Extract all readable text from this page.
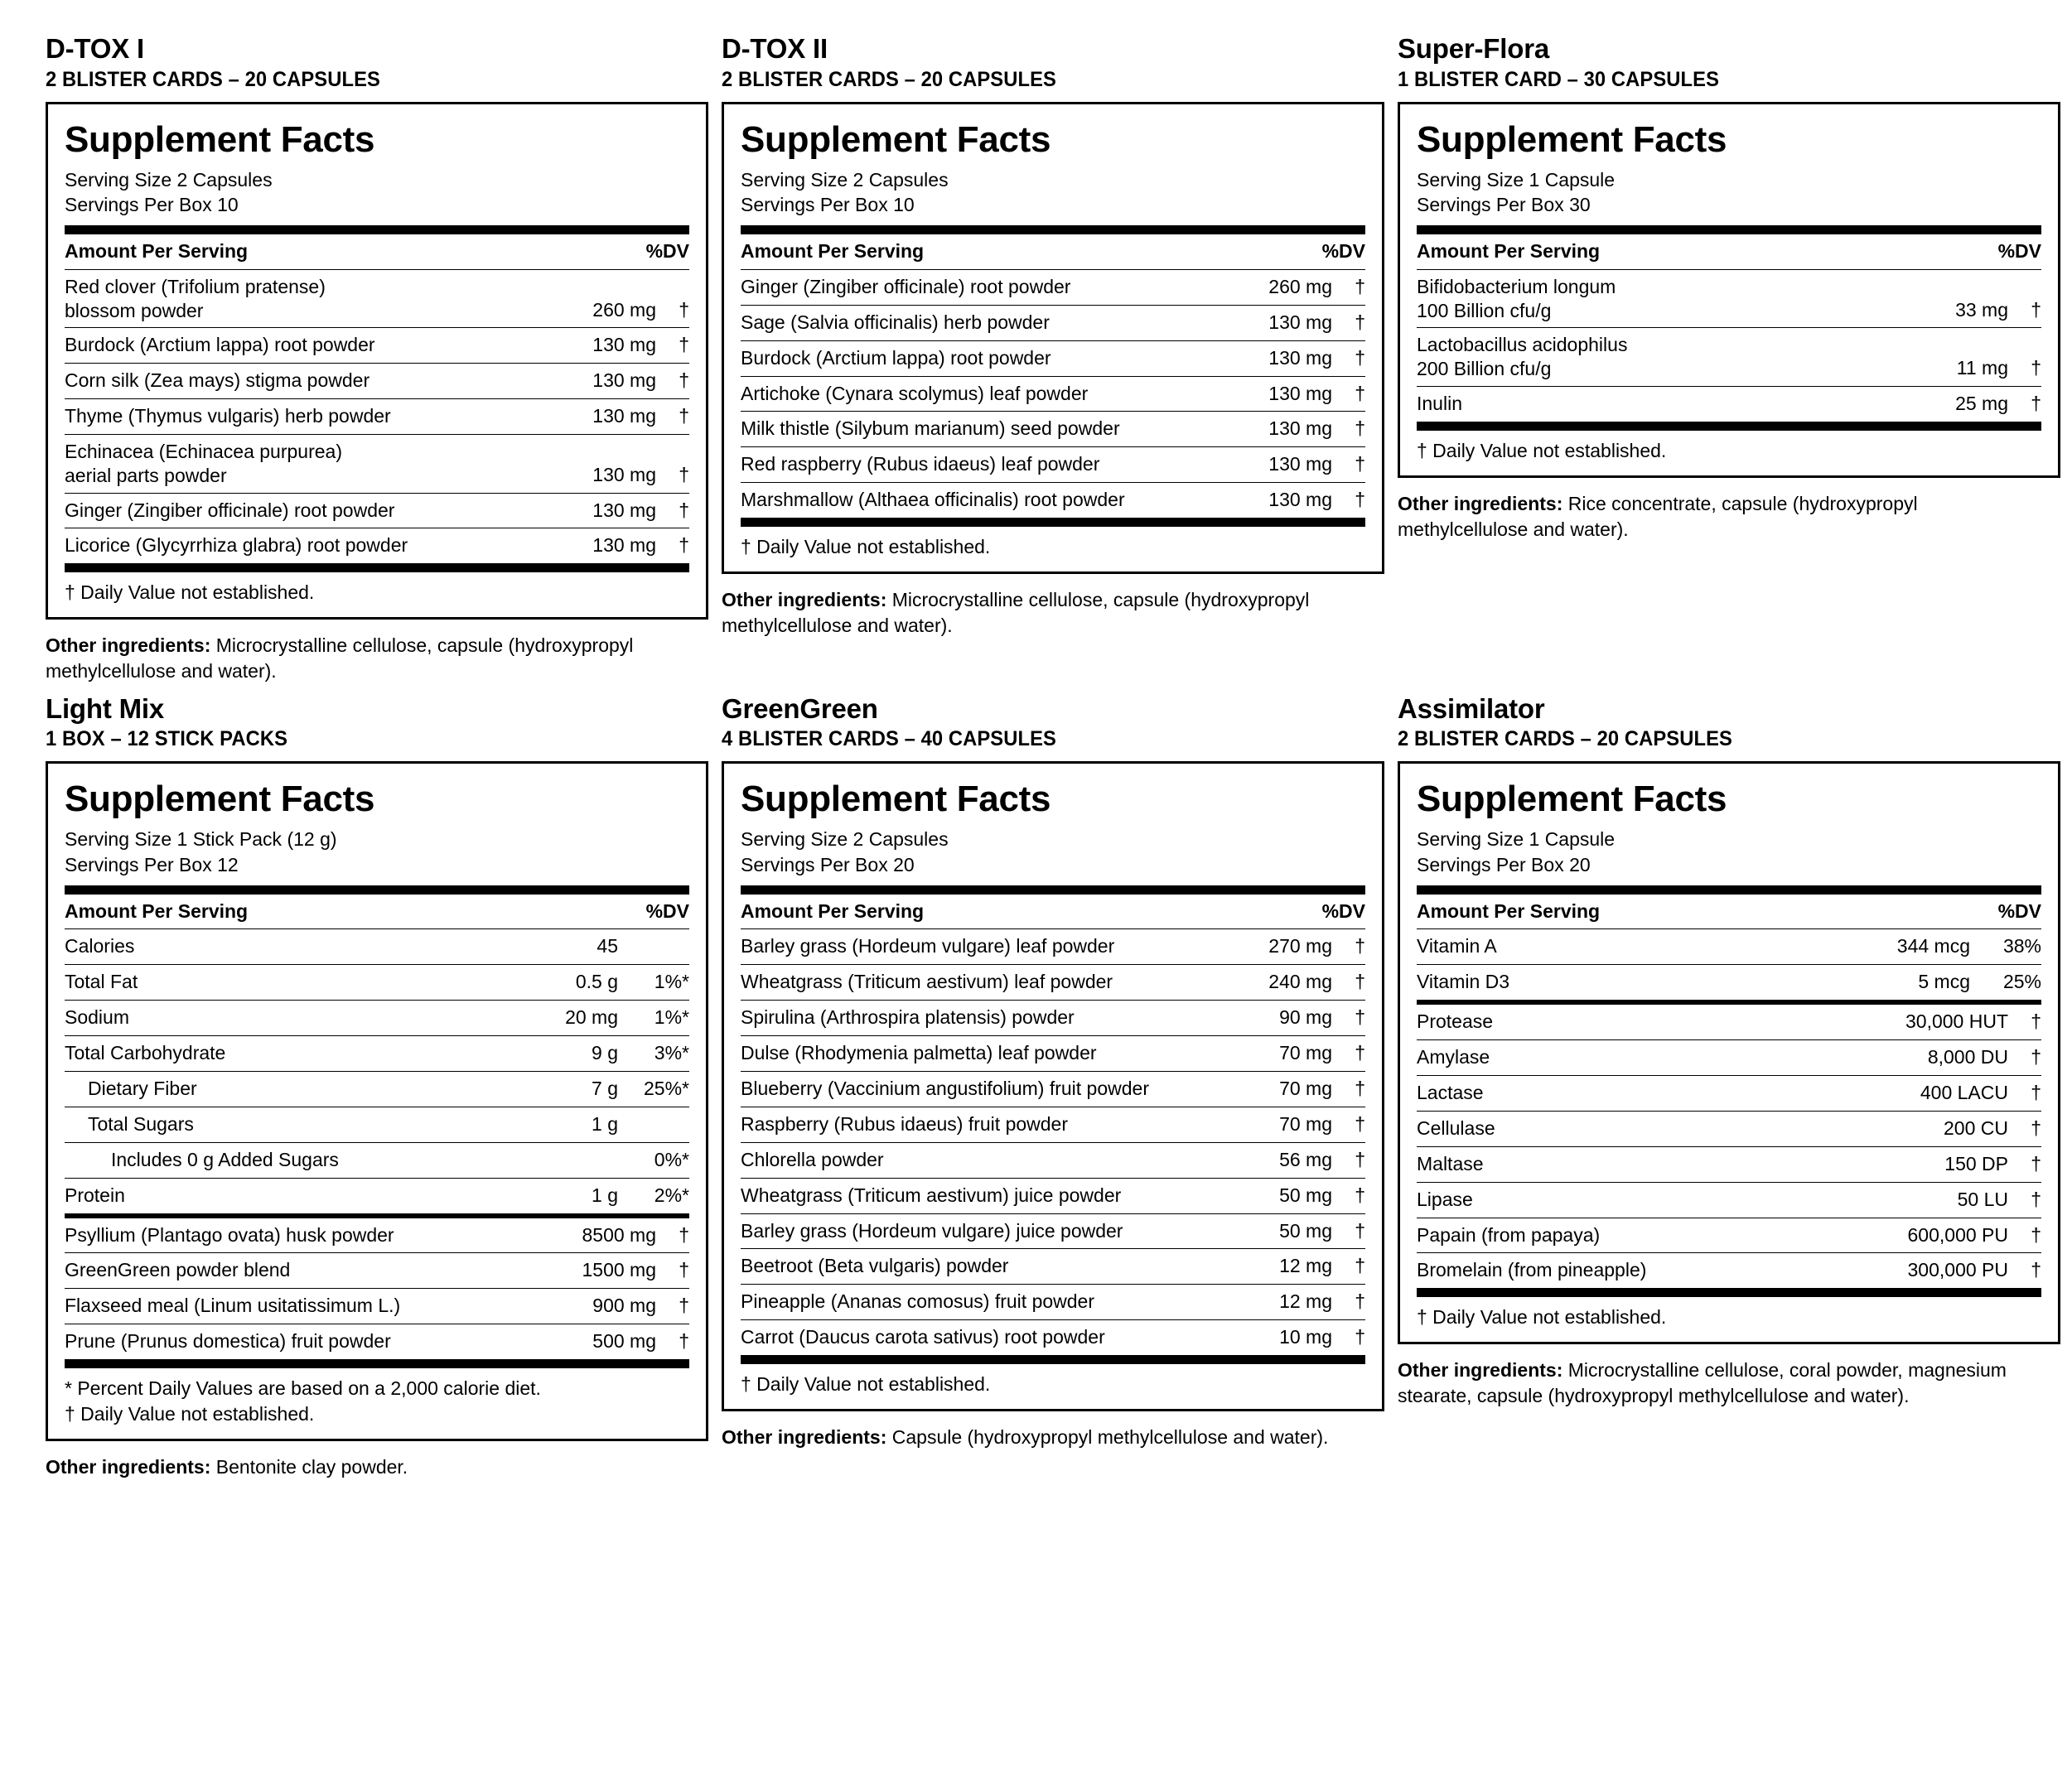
D-TOX I
2 BLISTER CARDS – 20 CAPSULES
Supplement Facts
Serving Size 2 Capsules
Servings Per Box 10
Amount Per Serving		%DV
Red clover (Trifolium pratense)
blossom powder	260 mg	†
Burdock (Arctium lappa) root powder	130 mg	†
Corn silk (Zea mays) stigma powder	130 mg	†
Thyme (Thymus vulgaris) herb powder	130 mg	†
Echinacea (Echinacea purpurea)
aerial parts powder	130 mg	†
Ginger (Zingiber officinale) root powder	130 mg	†
Licorice (Glycyrrhiza glabra) root powder	130 mg	†
† Daily Value not established.
Other ingredients: Microcrystalline cellulose, capsule (hydroxypropyl methylcellulose and water).
D-TOX II
2 BLISTER CARDS – 20 CAPSULES
Supplement Facts
Serving Size 2 Capsules
Servings Per Box 10
Amount Per Serving		%DV
Ginger (Zingiber officinale) root powder	260 mg	†
Sage (Salvia officinalis) herb powder	130 mg	†
Burdock (Arctium lappa) root powder	130 mg	†
Artichoke (Cynara scolymus) leaf powder	130 mg	†
Milk thistle (Silybum marianum) seed powder	130 mg	†
Red raspberry (Rubus idaeus) leaf powder	130 mg	†
Marshmallow (Althaea officinalis) root powder	130 mg	†
† Daily Value not established.
Other ingredients: Microcrystalline cellulose, capsule (hydroxypropyl methylcellulose and water).
Super-Flora
1 BLISTER CARD – 30 CAPSULES
Supplement Facts
Serving Size 1 Capsule
Servings Per Box 30
Amount Per Serving		%DV
Bifidobacterium longum
100 Billion cfu/g	33 mg	†
Lactobacillus acidophilus
200 Billion cfu/g	11 mg	†
Inulin	25 mg	†
† Daily Value not established.
Other ingredients: Rice concentrate, capsule (hydroxypropyl methylcellulose and water).
Light Mix
1 BOX – 12 STICK PACKS
Supplement Facts
Serving Size 1 Stick Pack (12 g)
Servings Per Box 12
Amount Per Serving		%DV
Calories	45	
Total Fat	0.5 g	1%*
Sodium	20 mg	1%*
Total Carbohydrate	9 g	3%*
Dietary Fiber	7 g	25%*
Total Sugars	1 g	
Includes 0 g Added Sugars		0%*
Protein	1 g	2%*
Psyllium (Plantago ovata) husk powder	8500 mg	†
GreenGreen powder blend	1500 mg	†
Flaxseed meal (Linum usitatissimum L.)	900 mg	†
Prune (Prunus domestica) fruit powder	500 mg	†
* Percent Daily Values are based on a 2,000 calorie diet.
† Daily Value not established.
Other ingredients: Bentonite clay powder.
GreenGreen
4 BLISTER CARDS – 40 CAPSULES
Supplement Facts
Serving Size 2 Capsules
Servings Per Box 20
Amount Per Serving		%DV
Barley grass (Hordeum vulgare) leaf powder	270 mg	†
Wheatgrass (Triticum aestivum) leaf powder	240 mg	†
Spirulina (Arthrospira platensis) powder	90 mg	†
Dulse (Rhodymenia palmetta) leaf powder	70 mg	†
Blueberry (Vaccinium angustifolium) fruit powder	70 mg	†
Raspberry (Rubus idaeus) fruit powder	70 mg	†
Chlorella powder	56 mg	†
Wheatgrass (Triticum aestivum) juice powder	50 mg	†
Barley grass (Hordeum vulgare) juice powder	50 mg	†
Beetroot (Beta vulgaris) powder	12 mg	†
Pineapple (Ananas comosus) fruit powder	12 mg	†
Carrot (Daucus carota sativus) root powder	10 mg	†
† Daily Value not established.
Other ingredients: Capsule (hydroxypropyl methylcellulose and water).
Assimilator
2 BLISTER CARDS – 20 CAPSULES
Supplement Facts
Serving Size 1 Capsule
Servings Per Box 20
Amount Per Serving		%DV
Vitamin A	344 mcg	38%
Vitamin D3	5 mcg	25%
Protease	30,000 HUT	†
Amylase	8,000 DU	†
Lactase	400 LACU	†
Cellulase	200 CU	†
Maltase	150 DP	†
Lipase	50 LU	†
Papain (from papaya)	600,000 PU	†
Bromelain (from pineapple)	300,000 PU	†
† Daily Value not established.
Other ingredients: Microcrystalline cellulose, coral powder, magnesium stearate, capsule (hydroxypropyl methylcellulose and water).
